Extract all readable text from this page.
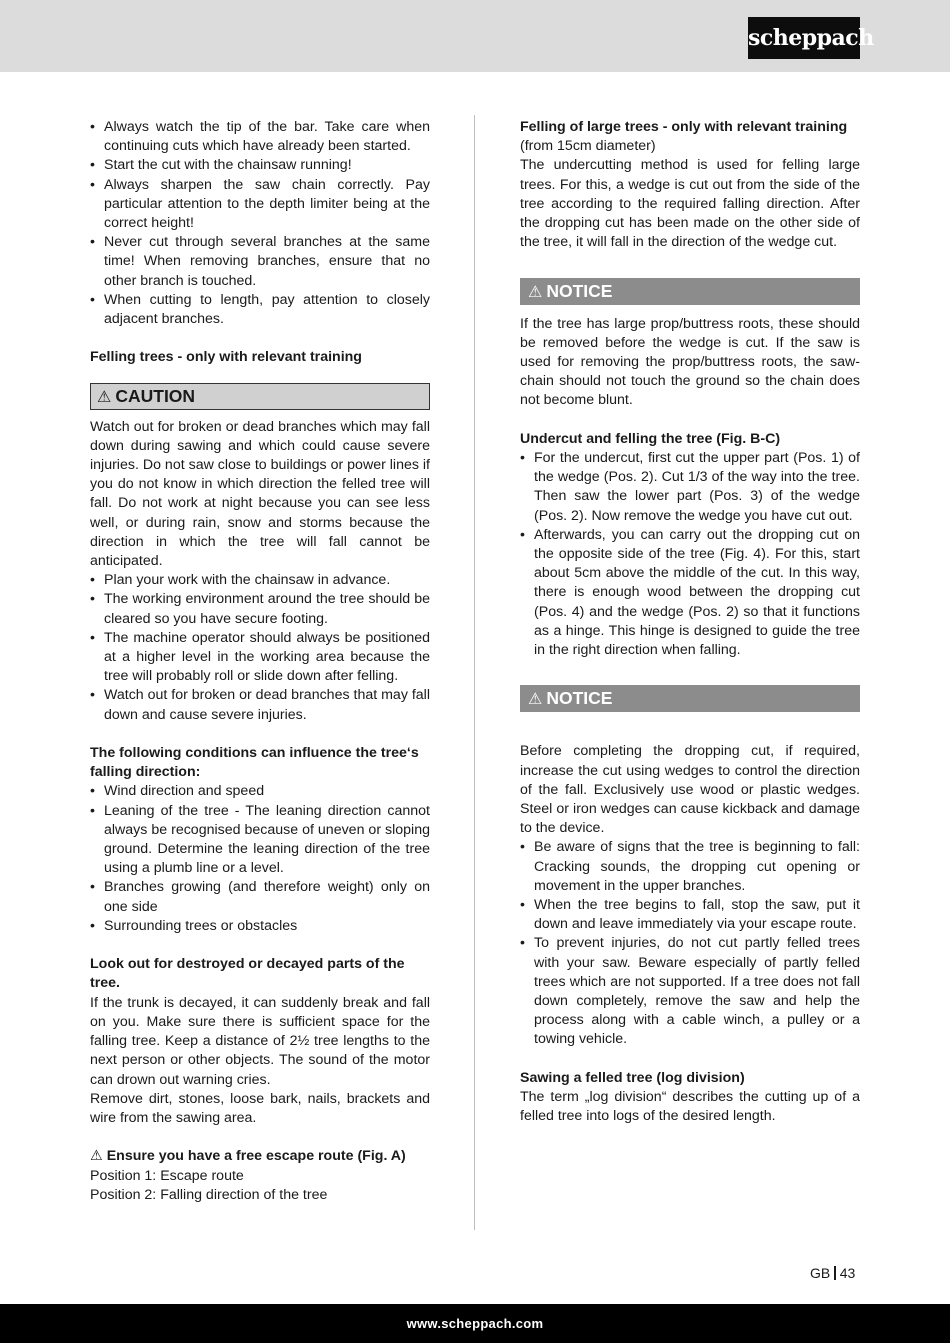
scheppach
• Always watch the tip of the bar. Take care when continuing cuts which have already been started.
• Start the cut with the chainsaw running!
• Always sharpen the saw chain correctly. Pay particular attention to the depth limiter being at the correct height!
• Never cut through several branches at the same time! When removing branches, ensure that no other branch is touched.
• When cutting to length, pay attention to closely adjacent branches.

Felling trees - only with relevant training

⚠ CAUTION

Watch out for broken or dead branches which may fall down during sawing and which could cause severe injuries. Do not saw close to buildings or power lines if you do not know in which direction the felled tree will fall. Do not work at night because you can see less well, or during rain, snow and storms because the direction in which the tree will fall cannot be anticipated.

• Plan your work with the chainsaw in advance.
• The working environment around the tree should be cleared so you have secure footing.
• The machine operator should always be positioned at a higher level in the working area because the tree will probably roll or slide down after felling.
• Watch out for broken or dead branches that may fall down and cause severe injuries.

The following conditions can influence the tree‘s falling direction:

• Wind direction and speed
• Leaning of the tree - The leaning direction cannot always be recognised because of uneven or sloping ground. Determine the leaning direction of the tree using a plumb line or a level.
• Branches growing (and therefore weight) only on one side
• Surrounding trees or obstacles

Look out for destroyed or decayed parts of the tree.

If the trunk is decayed, it can suddenly break and fall on you. Make sure there is sufficient space for the falling tree. Keep a distance of 2½ tree lengths to the next person or other objects. The sound of the motor can drown out warning cries.

Remove dirt, stones, loose bark, nails, brackets and wire from the sawing area.

⚠ Ensure you have a free escape route (Fig. A)

Position 1: Escape route

Position 2: Falling direction of the tree

Felling of large trees - only with relevant training

(from 15cm diameter)

The undercutting method is used for felling large trees. For this, a wedge is cut out from the side of the tree according to the required falling direction. After the dropping cut has been made on the other side of the tree, it will fall in the direction of the wedge cut.

⚠ NOTICE

If the tree has large prop/buttress roots, these should be removed before the wedge is cut. If the saw is used for removing the prop/buttress roots, the saw-chain should not touch the ground so the chain does not become blunt.

Undercut and felling the tree (Fig. B-C)

• For the undercut, first cut the upper part (Pos. 1) of the wedge (Pos. 2). Cut 1/3 of the way into the tree. Then saw the lower part (Pos. 3) of the wedge (Pos. 2). Now remove the wedge you have cut out.
• Afterwards, you can carry out the dropping cut on the opposite side of the tree (Fig. 4). For this, start about 5cm above the middle of the cut. In this way, there is enough wood between the dropping cut (Pos. 4) and the wedge (Pos. 2) so that it functions as a hinge. This hinge is designed to guide the tree in the right direction when falling.
⚠ NOTICE

Before completing the dropping cut, if required, increase the cut using wedges to control the direction of the fall. Exclusively use wood or plastic wedges. Steel or iron wedges can cause kickback and damage to the device.

• Be aware of signs that the tree is beginning to fall: Cracking sounds, the dropping cut opening or movement in the upper branches.
• When the tree begins to fall, stop the saw, put it down and leave immediately via your escape route.
• To prevent injuries, do not cut partly felled trees with your saw. Beware especially of partly felled trees which are not supported. If a tree does not fall down completely, remove the saw and help the process along with a cable winch, a pulley or a towing vehicle.

Sawing a felled tree (log division)

The term „log division“ describes the cutting up of a felled tree into logs of the desired length.

GB 43
www.scheppach.com
